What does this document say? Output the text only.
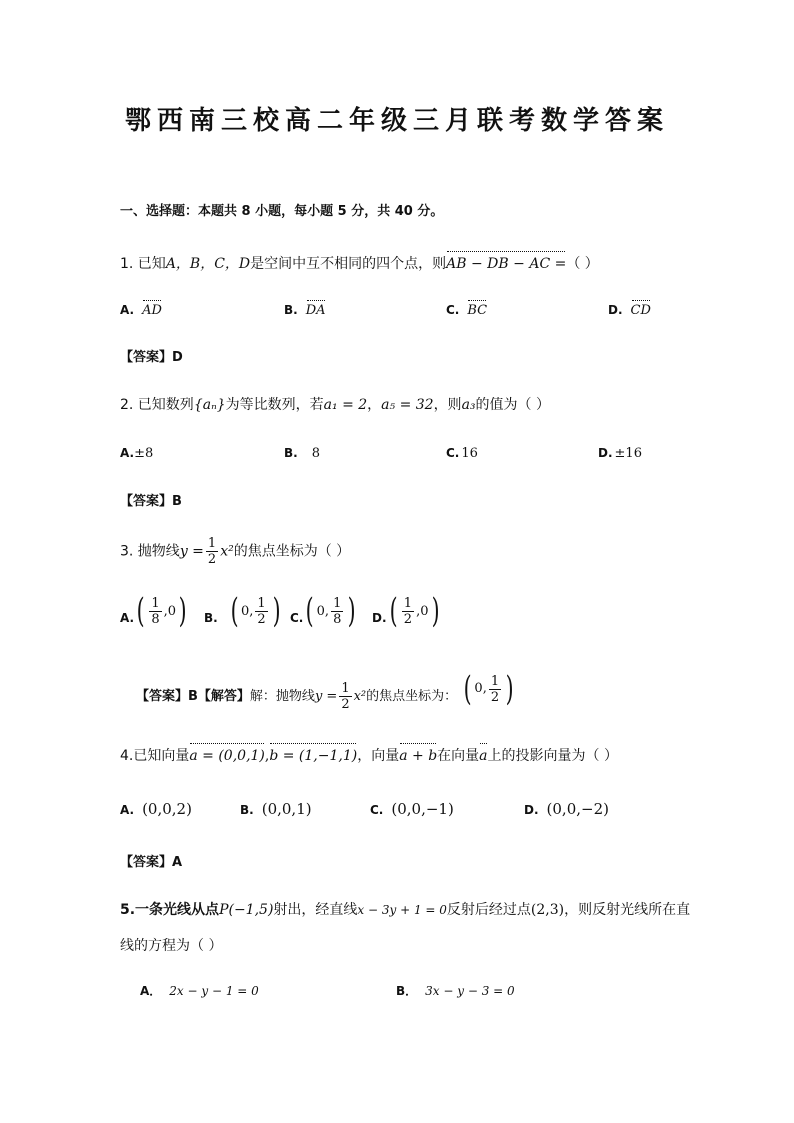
鄂西南三校高二年级三月联考数学答案
一、选择题：本题共 8 小题，每小题 5 分，共 40 分。
1. 已知A，B，C，D是空间中互不相同的四个点，则AB − DB − AC =（ ）
A. AD	B. DA	C. BC	D. CD
【答案】D
2. 已知数列{aₙ}为等比数列，若a₁ = 2，a₅ = 32，则a₃的值为（ ）
A.±8	B. 8	C. 16	D. ±16
【答案】B
3. 抛物线$y = \frac{1}{2} x^2$的焦点坐标为（ ）
A. ( $\frac{1}{8}$ , 0 ) B. ( 0 , $\frac{1}{2}$ ) C. ( 0 , $\frac{1}{8}$ ) D. ( $\frac{1}{2}$ , 0 )
【答案】B【解答】解：抛物线$y = \frac{1}{2} x^2$的焦点坐标为： ( 0 , $\frac{1}{2}$ )
4.已知向量a = (0,0,1),b = (1,−1,1)，向量a + b在向量a上的投影向量为（ ）
A. (0,0,2)	B. (0,0,1)	C. (0,0,−1)	D. (0,0,−2)
【答案】A
5.一条光线从点P(−1,5)射出，经直线x − 3y + 1 = 0反射后经过点(2,3)，则反射光线所在直
线的方程为（ ）
A． 2x − y − 1 = 0	B． 3x − y − 3 = 0
